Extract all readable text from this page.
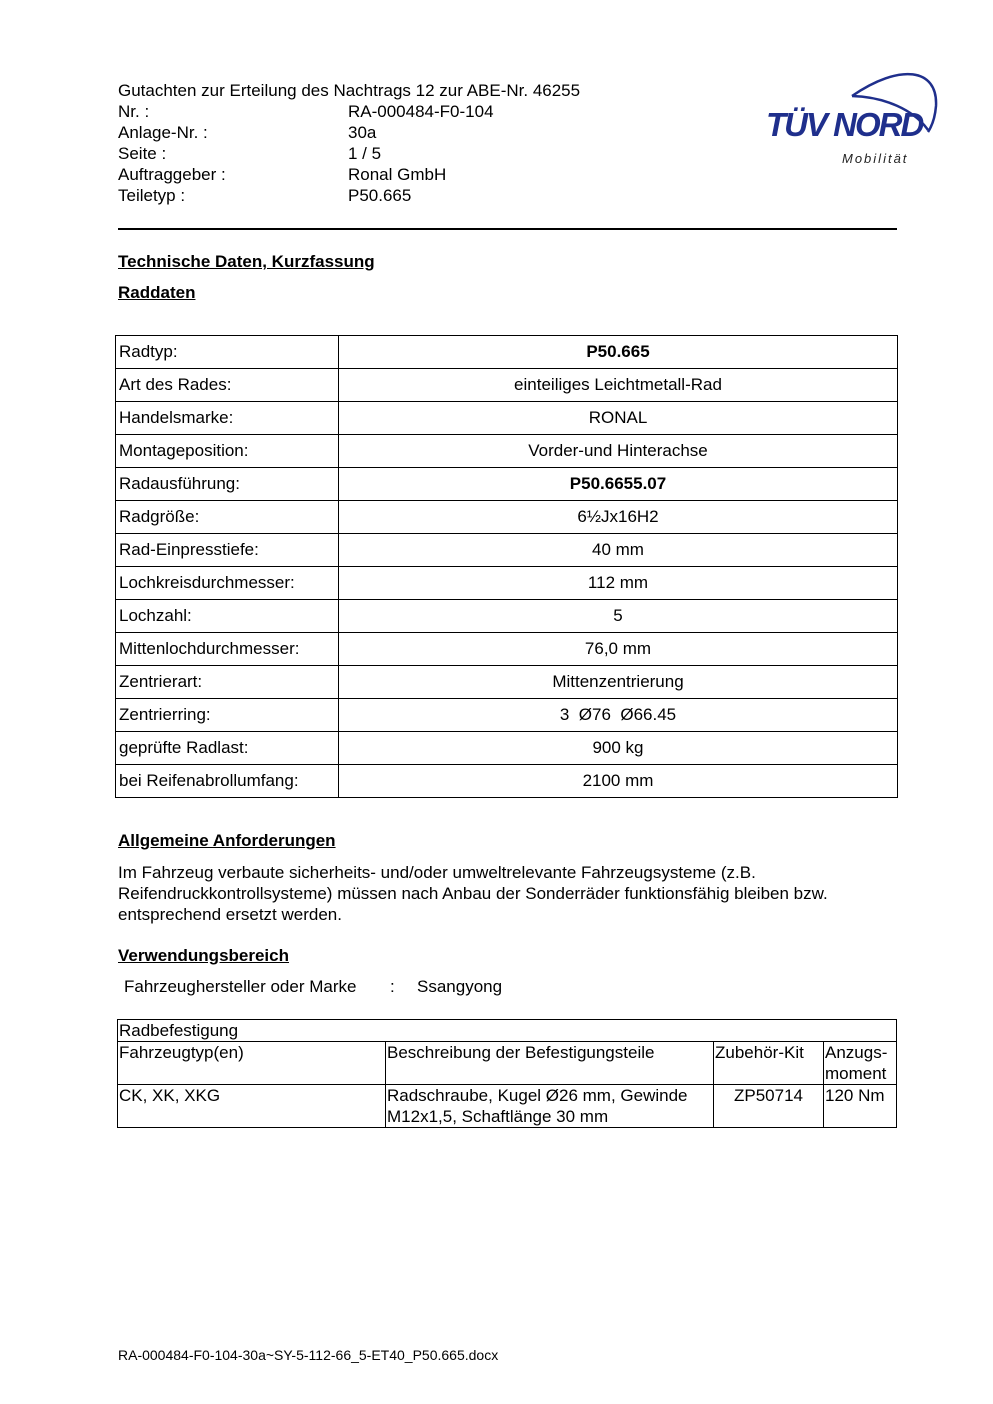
Gutachten zur Erteilung des Nachtrags 12 zur ABE-Nr. 46255
Nr. :	RA-000484-F0-104
Anlage-Nr. :	30a
Seite :	1 / 5
Auftraggeber :	Ronal GmbH
Teiletyp :	P50.665
TÜV NORD
Mobilität
Technische Daten, Kurzfassung
Raddaten
Radtyp:	P50.665
Art des Rades:	einteiliges Leichtmetall-Rad
Handelsmarke:	RONAL
Montageposition:	Vorder-und Hinterachse
Radausführung:	P50.6655.07
Radgröße:	6½Jx16H2
Rad-Einpresstiefe:	40 mm
Lochkreisdurchmesser:	112 mm
Lochzahl:	5
Mittenlochdurchmesser:	76,0 mm
Zentrierart:	Mittenzentrierung
Zentrierring:	3  Ø76  Ø66.45
geprüfte Radlast:	900 kg
bei Reifenabrollumfang:	2100 mm
Allgemeine Anforderungen
Im Fahrzeug verbaute sicherheits- und/oder umweltrelevante Fahrzeugsysteme (z.B. Reifendruckkontrollsysteme) müssen nach Anbau der Sonderräder funktionsfähig bleiben bzw. entsprechend ersetzt werden.
Verwendungsbereich
Fahrzeughersteller oder Marke	:	Ssangyong
Radbefestigung			
Fahrzeugtyp(en)	Beschreibung der Befestigungsteile	Zubehör-Kit	Anzugs-moment
CK, XK, XKG	Radschraube, Kugel Ø26 mm, Gewinde M12x1,5, Schaftlänge 30 mm	ZP50714	120 Nm
RA-000484-F0-104-30a~SY-5-112-66_5-ET40_P50.665.docx
